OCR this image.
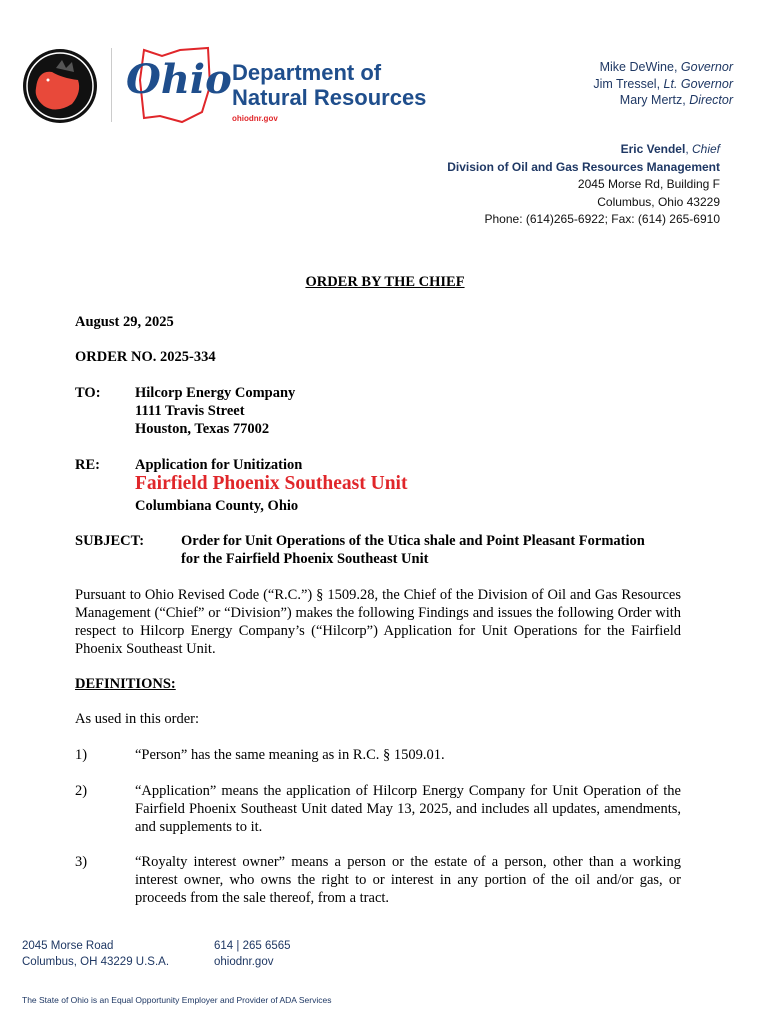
Ohio Department of
Natural Resources
ohiodnr.gov
Mike DeWine, Governor
Jim Tressel, Lt. Governor
Mary Mertz, Director
Eric Vendel, Chief
Division of Oil and Gas Resources Management
2045 Morse Rd, Building F
Columbus, Ohio 43229
Phone: (614)265-6922; Fax: (614) 265-6910
ORDER BY THE CHIEF
August 29, 2025
ORDER NO. 2025-334
TO: Hilcorp Energy Company
1111 Travis Street
Houston, Texas 77002
RE: Application for Unitization
Fairfield Phoenix Southeast Unit
Columbiana County, Ohio
SUBJECT:	Order for Unit Operations of the Utica shale and Point Pleasant Formation
for the Fairfield Phoenix Southeast Unit
Pursuant to Ohio Revised Code (“R.C.”) § 1509.28, the Chief of the Division of Oil and Gas Resources Management (“Chief” or “Division”) makes the following Findings and issues the following Order with respect to Hilcorp Energy Company’s (“Hilcorp”) Application for Unit Operations for the Fairfield Phoenix Southeast Unit.
DEFINITIONS:
As used in this order:
1)	“Person” has the same meaning as in R.C. § 1509.01.
2)	“Application” means the application of Hilcorp Energy Company for Unit Operation of the Fairfield Phoenix Southeast Unit dated May 13, 2025, and includes all updates, amendments, and supplements to it.
3)	“Royalty interest owner” means a person or the estate of a person, other than a working interest owner, who owns the right to or interest in any portion of the oil and/or gas, or proceeds from the sale thereof, from a tract.
2045 Morse Road
Columbus, OH 43229 U.S.A.
614 | 265 6565
ohiodnr.gov
The State of Ohio is an Equal Opportunity Employer and Provider of ADA Services
